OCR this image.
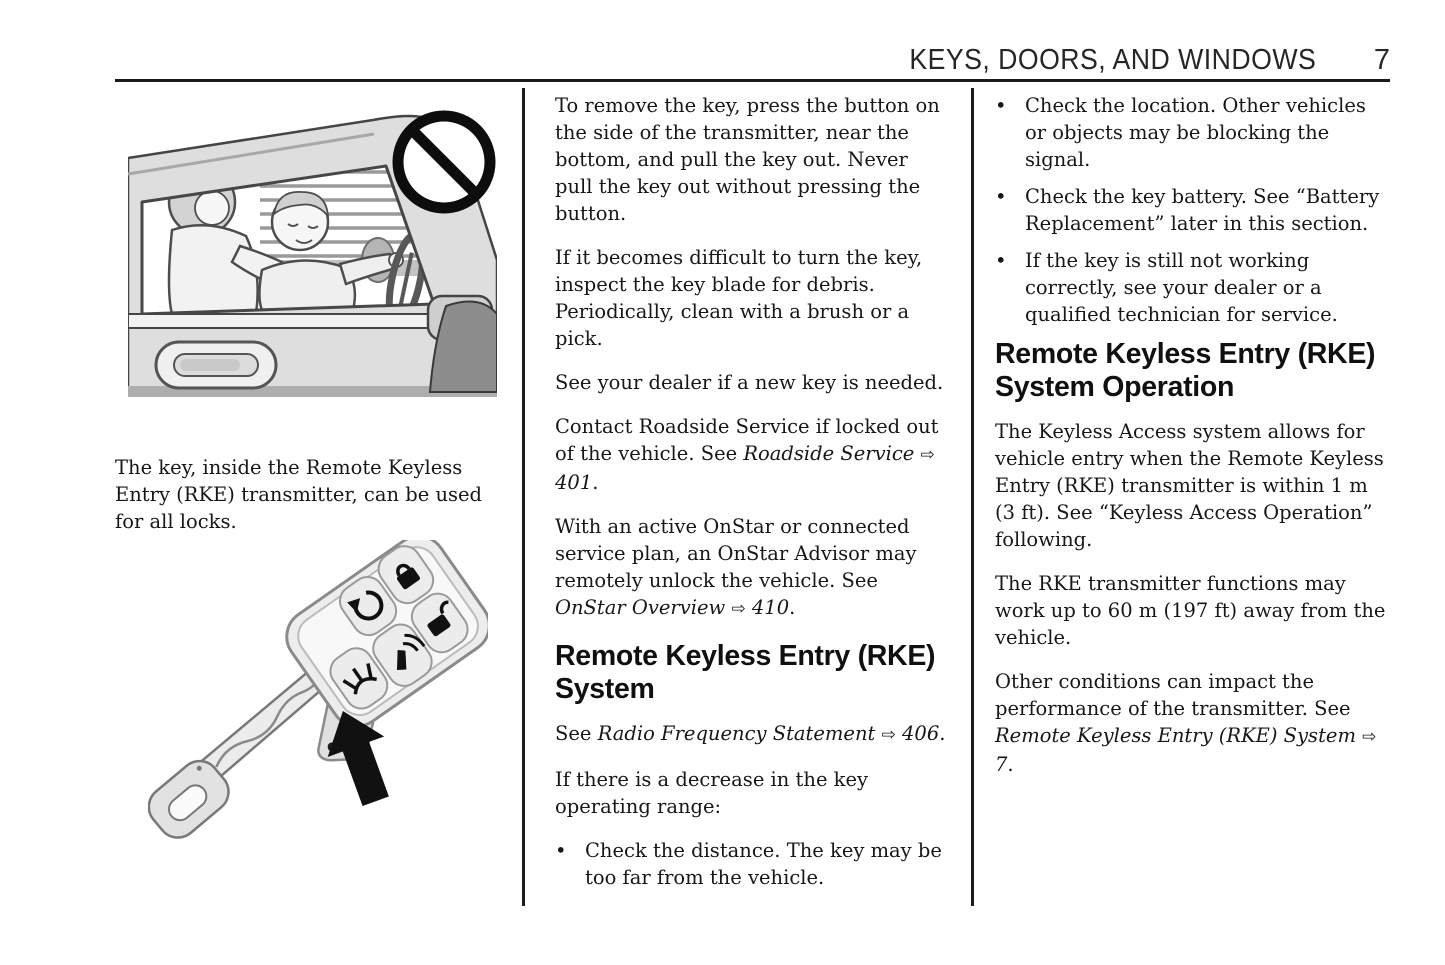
KEYS, DOORS, AND WINDOWS 7

The key, inside the Remote Keyless Entry (RKE) transmitter, can be used for all locks.

To remove the key, press the button on the side of the transmitter, near the bottom, and pull the key out. Never pull the key out without pressing the button.

If it becomes difficult to turn the key, inspect the key blade for debris. Periodically, clean with a brush or a pick.

See your dealer if a new key is needed.

Contact Roadside Service if locked out of the vehicle. See Roadside Service ⇨ 401.

With an active OnStar or connected service plan, an OnStar Advisor may remotely unlock the vehicle. See OnStar Overview ⇨ 410.

Remote Keyless Entry (RKE) System

See Radio Frequency Statement ⇨ 406.

If there is a decrease in the key operating range:

• Check the distance. The key may be too far from the vehicle.
• Check the location. Other vehicles or objects may be blocking the signal.
• Check the key battery. See “Battery Replacement” later in this section.
• If the key is still not working correctly, see your dealer or a qualified technician for service.
Remote Keyless Entry (RKE) System Operation

The Keyless Access system allows for vehicle entry when the Remote Keyless Entry (RKE) transmitter is within 1 m (3 ft). See “Keyless Access Operation” following.

The RKE transmitter functions may work up to 60 m (197 ft) away from the vehicle.

Other conditions can impact the performance of the transmitter. See Remote Keyless Entry (RKE) System ⇨ 7.
